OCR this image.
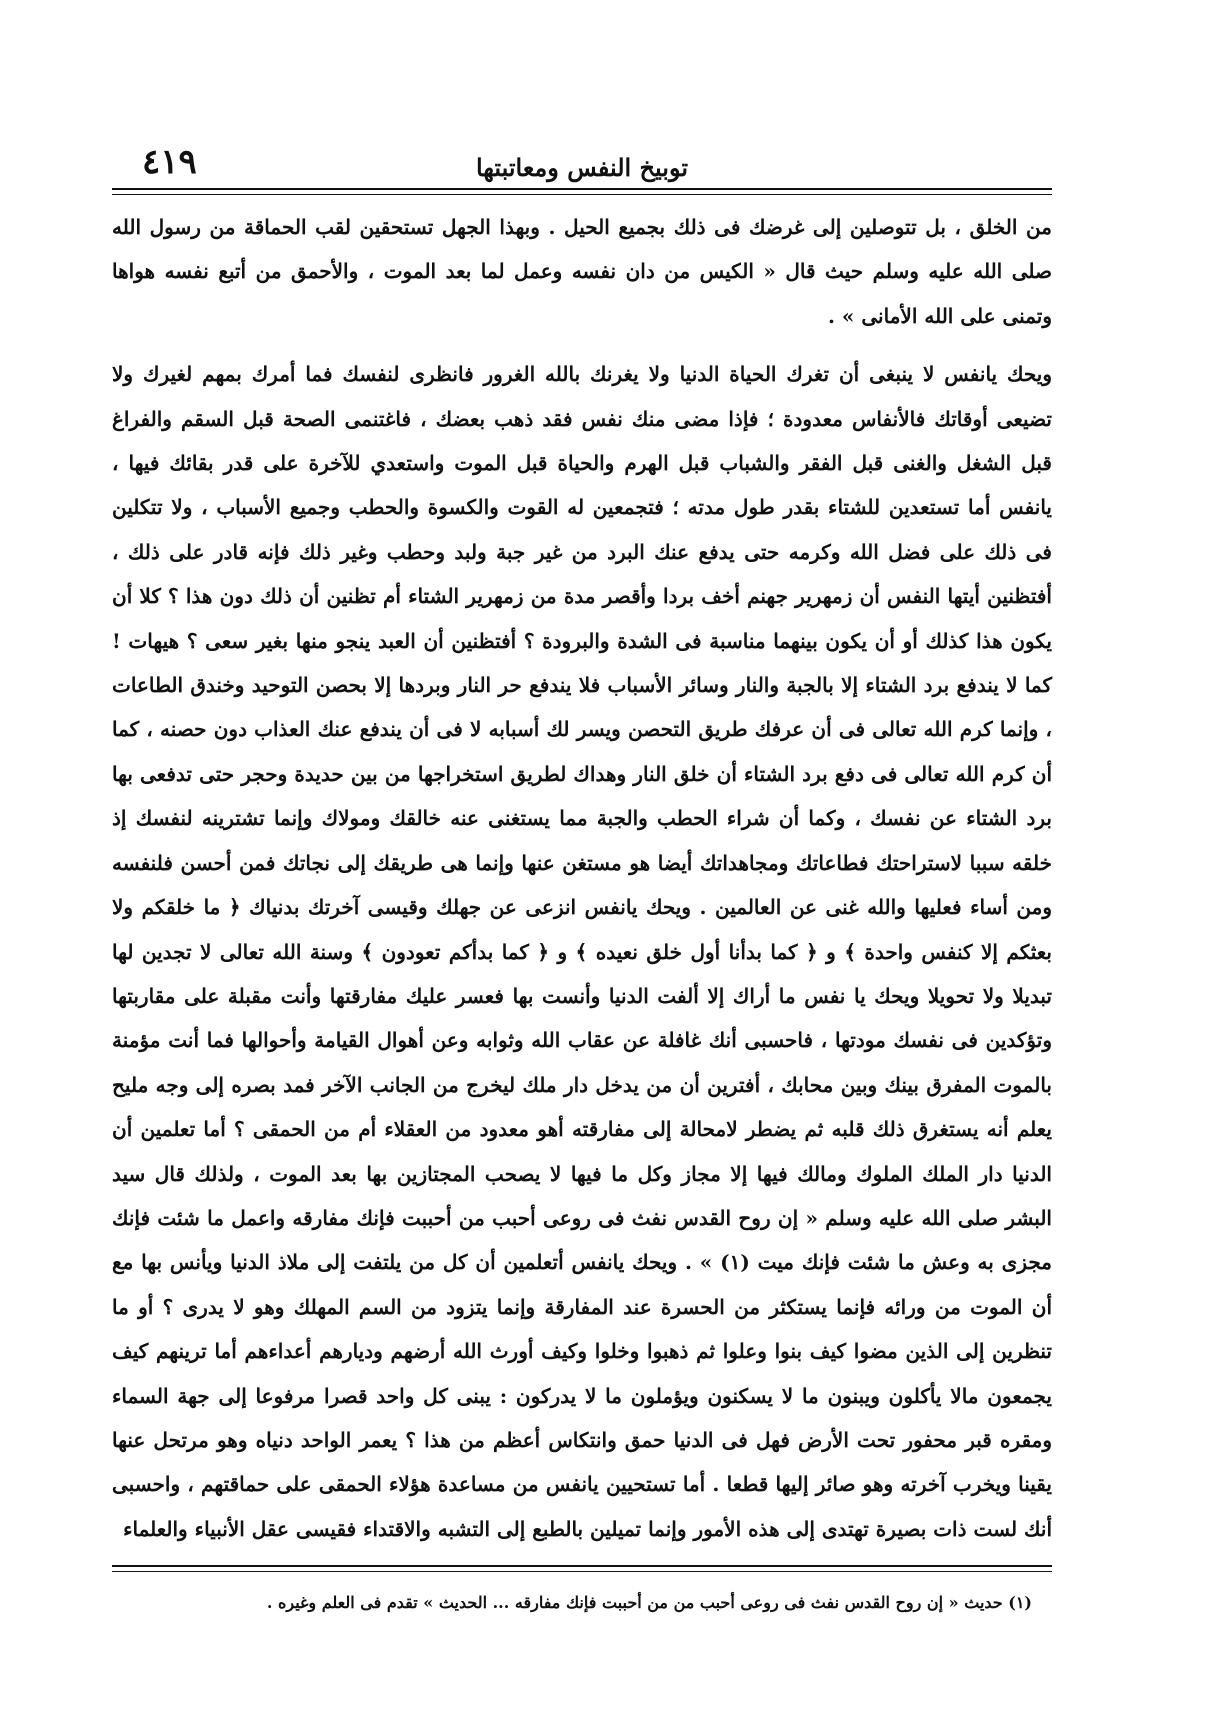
٤١٩	توبيخ النفس ومعاتبتها

من الخلق ، بل تتوصلين إلى غرضك فى ذلك بجميع الحيل . وبهذا الجهل تستحقين لقب الحماقة من رسول الله صلى الله عليه وسلم حيث قال « الكيس من دان نفسه وعمل لما بعد الموت ، والأحمق من أتبع نفسه هواها وتمنى على الله الأمانى » .

ويحك يانفس لا ينبغى أن تغرك الحياة الدنيا ولا يغرنك بالله الغرور فانظرى لنفسك فما أمرك بمهم لغيرك ولا تضيعى أوقاتك فالأنفاس معدودة ؛ فإذا مضى منك نفس فقد ذهب بعضك ، فاغتنمى الصحة قبل السقم والفراغ قبل الشغل والغنى قبل الفقر والشباب قبل الهرم والحياة قبل الموت واستعدي للآخرة على قدر بقائك فيها ، يانفس أما تستعدين للشتاء بقدر طول مدته ؛ فتجمعين له القوت والكسوة والحطب وجميع الأسباب ، ولا تتكلين فى ذلك على فضل الله وكرمه حتى يدفع عنك البرد من غير جبة ولبد وحطب وغير ذلك فإنه قادر على ذلك ، أفتظنين أيتها النفس أن زمهرير جهنم أخف بردا وأقصر مدة من زمهرير الشتاء أم تظنين أن ذلك دون هذا ؟ كلا أن يكون هذا كذلك أو أن يكون بينهما مناسبة فى الشدة والبرودة ؟ أفتظنين أن العبد ينجو منها بغير سعى ؟ هيهات ! كما لا يندفع برد الشتاء إلا بالجبة والنار وسائر الأسباب فلا يندفع حر النار وبردها إلا بحصن التوحيد وخندق الطاعات ، وإنما كرم الله تعالى فى أن عرفك طريق التحصن ويسر لك أسبابه لا فى أن يندفع عنك العذاب دون حصنه ، كما أن كرم الله تعالى فى دفع برد الشتاء أن خلق النار وهداك لطريق استخراجها من بين حديدة وحجر حتى تدفعى بها برد الشتاء عن نفسك ، وكما أن شراء الحطب والجبة مما يستغنى عنه خالقك ومولاك وإنما تشترينه لنفسك إذ خلقه سببا لاستراحتك فطاعاتك ومجاهداتك أيضا هو مستغن عنها وإنما هى طريقك إلى نجاتك فمن أحسن فلنفسه ومن أساء فعليها والله غنى عن العالمين . ويحك يانفس انزعى عن جهلك وقيسى آخرتك بدنياك ﴿ ما خلقكم ولا بعثكم إلا كنفس واحدة ﴾ و ﴿ كما بدأنا أول خلق نعيده ﴾ و ﴿ كما بدأكم تعودون ﴾ وسنة الله تعالى لا تجدين لها تبديلا ولا تحويلا ويحك يا نفس ما أراك إلا ألفت الدنيا وأنست بها فعسر عليك مفارقتها وأنت مقبلة على مقاربتها وتؤكدين فى نفسك مودتها ، فاحسبى أنك غافلة عن عقاب الله وثوابه وعن أهوال القيامة وأحوالها فما أنت مؤمنة بالموت المفرق بينك وبين محابك ، أفترين أن من يدخل دار ملك ليخرج من الجانب الآخر فمد بصره إلى وجه مليح يعلم أنه يستغرق ذلك قلبه ثم يضطر لامحالة إلى مفارقته أهو معدود من العقلاء أم من الحمقى ؟ أما تعلمين أن الدنيا دار الملك الملوك ومالك فيها إلا مجاز وكل ما فيها لا يصحب المجتازين بها بعد الموت ، ولذلك قال سيد البشر صلى الله عليه وسلم « إن روح القدس نفث فى روعى أحبب من أحببت فإنك مفارقه واعمل ما شئت فإنك مجزى به وعش ما شئت فإنك ميت (١) » . ويحك يانفس أتعلمين أن كل من يلتفت إلى ملاذ الدنيا ويأنس بها مع أن الموت من ورائه فإنما يستكثر من الحسرة عند المفارقة وإنما يتزود من السم المهلك وهو لا يدرى ؟ أو ما تنظرين إلى الذين مضوا كيف بنوا وعلوا ثم ذهبوا وخلوا وكيف أورث الله أرضهم وديارهم أعداءهم أما ترينهم كيف يجمعون مالا يأكلون ويبنون ما لا يسكنون ويؤملون ما لا يدركون : يبنى كل واحد قصرا مرفوعا إلى جهة السماء ومقره قبر محفور تحت الأرض فهل فى الدنيا حمق وانتكاس أعظم من هذا ؟ يعمر الواحد دنياه وهو مرتحل عنها يقينا ويخرب آخرته وهو صائر إليها قطعا . أما تستحيين يانفس من مساعدة هؤلاء الحمقى على حماقتهم ، واحسبى أنك لست ذات بصيرة تهتدى إلى هذه الأمور وإنما تميلين بالطبع إلى التشبه والاقتداء فقيسى عقل الأنبياء والعلماء

(١) حديث « إن روح القدس نفث فى روعى أحبب من من أحببت فإنك مفارقه ... الحديث » تقدم فى العلم وغيره .
